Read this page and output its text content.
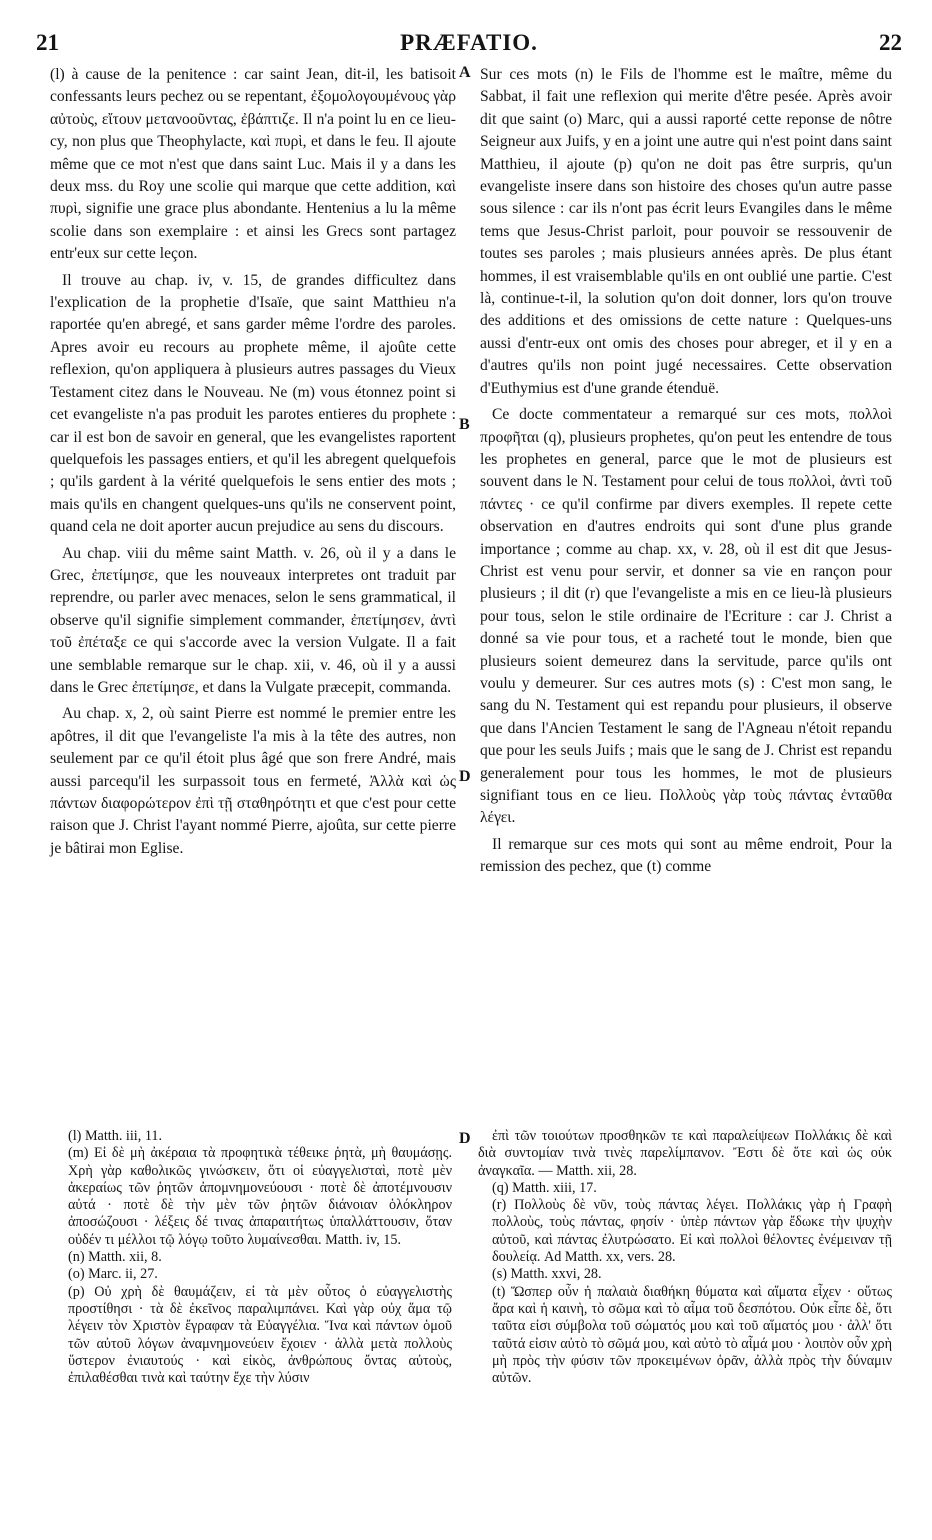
21	PRÆFATIO.	22
A
B
D
D

(l) à cause de la penitence : car saint Jean, dit-il, les batisoit confessants leurs pechez ou se repentant, ἐξομολογουμένους γὰρ αὐτοὺς, εἴτουν μετανοοῦντας, ἐβάπτιζε. Il n'a point lu en ce lieu-cy, non plus que Theophylacte, καὶ πυρὶ, et dans le feu. Il ajoute même que ce mot n'est que dans saint Luc. Mais il y a dans les deux mss. du Roy une scolie qui marque que cette addition, καὶ πυρὶ, signifie une grace plus abondante. Hentenius a lu la même scolie dans son exemplaire : et ainsi les Grecs sont partagez entr'eux sur cette leçon.

Il trouve au chap. iv, v. 15, de grandes difficultez dans l'explication de la prophetie d'Isaïe, que saint Matthieu n'a raportée qu'en abregé, et sans garder même l'ordre des paroles. Apres avoir eu recours au prophete même, il ajoûte cette reflexion, qu'on appliquera à plusieurs autres passages du Vieux Testament citez dans le Nouveau. Ne (m) vous étonnez point si cet evangeliste n'a pas produit les parotes entieres du prophete : car il est bon de savoir en general, que les evangelistes raportent quelquefois les passages entiers, et qu'il les abregent quelquefois ; qu'ils gardent à la vérité quelquefois le sens entier des mots ; mais qu'ils en changent quelques-uns qu'ils ne conservent point, quand cela ne doit aporter aucun prejudice au sens du discours.

Au chap. viii du même saint Matth. v. 26, où il y a dans le Grec, ἐπετίμησε, que les nouveaux interpretes ont traduit par reprendre, ou parler avec menaces, selon le sens grammatical, il observe qu'il signifie simplement commander, ἐπετίμησεν, ἀντὶ τοῦ ἐπέταξε ce qui s'accorde avec la version Vulgate. Il a fait une semblable remarque sur le chap. xii, v. 46, où il y a aussi dans le Grec ἐπετίμησε, et dans la Vulgate præcepit, commanda.

Au chap. x, 2, où saint Pierre est nommé le premier entre les apôtres, il dit que l'evangeliste l'a mis à la tête des autres, non seulement par ce qu'il étoit plus âgé que son frere André, mais aussi parcequ'il les surpassoit tous en fermeté, Ἀλλὰ καὶ ὡς πάντων διαφορώτερον ἐπὶ τῇ σταθηρότητι et que c'est pour cette raison que J. Christ l'ayant nommé Pierre, ajoûta, sur cette pierre je bâtirai mon Eglise.

Sur ces mots (n) le Fils de l'homme est le maître, même du Sabbat, il fait une reflexion qui merite d'être pesée. Après avoir dit que saint (o) Marc, qui a aussi raporté cette reponse de nôtre Seigneur aux Juifs, y en a joint une autre qui n'est point dans saint Matthieu, il ajoute (p) qu'on ne doit pas être surpris, qu'un evangeliste insere dans son histoire des choses qu'un autre passe sous silence : car ils n'ont pas écrit leurs Evangiles dans le même tems que Jesus-Christ parloit, pour pouvoir se ressouvenir de toutes ses paroles ; mais plusieurs années après. De plus étant hommes, il est vraisemblable qu'ils en ont oublié une partie. C'est là, continue-t-il, la solution qu'on doit donner, lors qu'on trouve des additions et des omissions de cette nature : Quelques-uns aussi d'entr-eux ont omis des choses pour abreger, et il y en a d'autres qu'ils non point jugé necessaires. Cette observation d'Euthymius est d'une grande étenduë.

Ce docte commentateur a remarqué sur ces mots, πολλοὶ προφῆται (q), plusieurs prophetes, qu'on peut les entendre de tous les prophetes en general, parce que le mot de plusieurs est souvent dans le N. Testament pour celui de tous πολλοὶ, ἀντὶ τοῦ πάντες · ce qu'il confirme par divers exemples. Il repete cette observation en d'autres endroits qui sont d'une plus grande importance ; comme au chap. xx, v. 28, où il est dit que Jesus-Christ est venu pour servir, et donner sa vie en rançon pour plusieurs ; il dit (r) que l'evangeliste a mis en ce lieu-là plusieurs pour tous, selon le stile ordinaire de l'Ecriture : car J. Christ a donné sa vie pour tous, et a racheté tout le monde, bien que plusieurs soient demeurez dans la servitude, parce qu'ils ont voulu y demeurer. Sur ces autres mots (s) : C'est mon sang, le sang du N. Testament qui est repandu pour plusieurs, il observe que dans l'Ancien Testament le sang de l'Agneau n'étoit repandu que pour les seuls Juifs ; mais que le sang de J. Christ est repandu generalement pour tous les hommes, le mot de plusieurs signifiant tous en ce lieu. Πολλοὺς γὰρ τοὺς πάντας ἐνταῦθα λέγει.

Il remarque sur ces mots qui sont au même endroit, Pour la remission des pechez, que (t) comme

(l) Matth. iii, 11.

(m) Εἰ δὲ μὴ ἀκέραια τὰ προφητικὰ τέθεικε ῥητὰ, μὴ θαυμάσῃς. Χρὴ γὰρ καθολικῶς γινώσκειν, ὅτι οἱ εὐαγγελισταὶ, ποτὲ μὲν ἀκεραίως τῶν ῥητῶν ἀπομνημονεύουσι · ποτὲ δὲ ἀποτέμνουσιν αὐτά · ποτὲ δὲ τὴν μὲν τῶν ῥητῶν διάνοιαν ὁλόκληρον ἀποσώζουσι · λέξεις δέ τινας ἀπαραιτήτως ὑπαλλάττουσιν, ὅταν οὐδέν τι μέλλοι τῷ λόγῳ τοῦτο λυμαίνεσθαι. Matth. iv, 15.

(n) Matth. xii, 8.

(o) Marc. ii, 27.

(p) Οὐ χρὴ δὲ θαυμάζειν, εἰ τὰ μὲν οὗτος ὁ εὐαγγελιστὴς προστίθησι · τὰ δὲ ἐκεῖνος παραλιμπάνει. Καὶ γὰρ οὐχ ἅμα τῷ λέγειν τὸν Χριστὸν ἔγραφαν τὰ Εὐαγγέλια. Ἵνα καὶ πάντων ὁμοῦ τῶν αὐτοῦ λόγων ἀναμνημονεύειν ἔχοιεν · ἀλλὰ μετὰ πολλοὺς ὕστερον ἐνιαυτούς · καὶ εἰκὸς, ἀνθρώπους ὄντας αὐτοὺς, ἐπιλαθέσθαι τινὰ καὶ ταύτην ἔχε τὴν λύσιν

ἐπὶ τῶν τοιούτων προσθηκῶν τε καὶ παραλείψεων Πολλάκις δὲ καὶ διὰ συντομίαν τινὰ τινὲς παρελίμπανον. Ἔστι δὲ ὅτε καὶ ὡς οὐκ ἀναγκαῖα. — Matth. xii, 28.

(q) Matth. xiii, 17.

(r) Πολλοὺς δὲ νῦν, τοὺς πάντας λέγει. Πολλάκις γὰρ ἡ Γραφὴ πολλοὺς, τοὺς πάντας, φησίν · ὑπὲρ πάντων γὰρ ἔδωκε τὴν ψυχὴν αὐτοῦ, καὶ πάντας ἐλυτρώσατο. Εἰ καὶ πολλοὶ θέλοντες ἐνέμειναν τῇ δουλείᾳ. Ad Matth. xx, vers. 28.

(s) Matth. xxvi, 28.

(t) Ὥσπερ οὖν ἡ παλαιὰ διαθήκη θύματα καὶ αἵματα εἶχεν · οὕτως ἄρα καὶ ἡ καινὴ, τὸ σῶμα καὶ τὸ αἷμα τοῦ δεσπότου. Οὐκ εἶπε δὲ, ὅτι ταῦτα εἰσι σύμβολα τοῦ σώματός μου καὶ τοῦ αἵματός μου · ἀλλ' ὅτι ταῦτά εἰσιν αὐτὸ τὸ σῶμά μου, καὶ αὐτὸ τὸ αἷμά μου · λοιπὸν οὖν χρὴ μὴ πρὸς τὴν φύσιν τῶν προκειμένων ὁρᾶν, ἀλλὰ πρὸς τὴν δύναμιν αὐτῶν.
